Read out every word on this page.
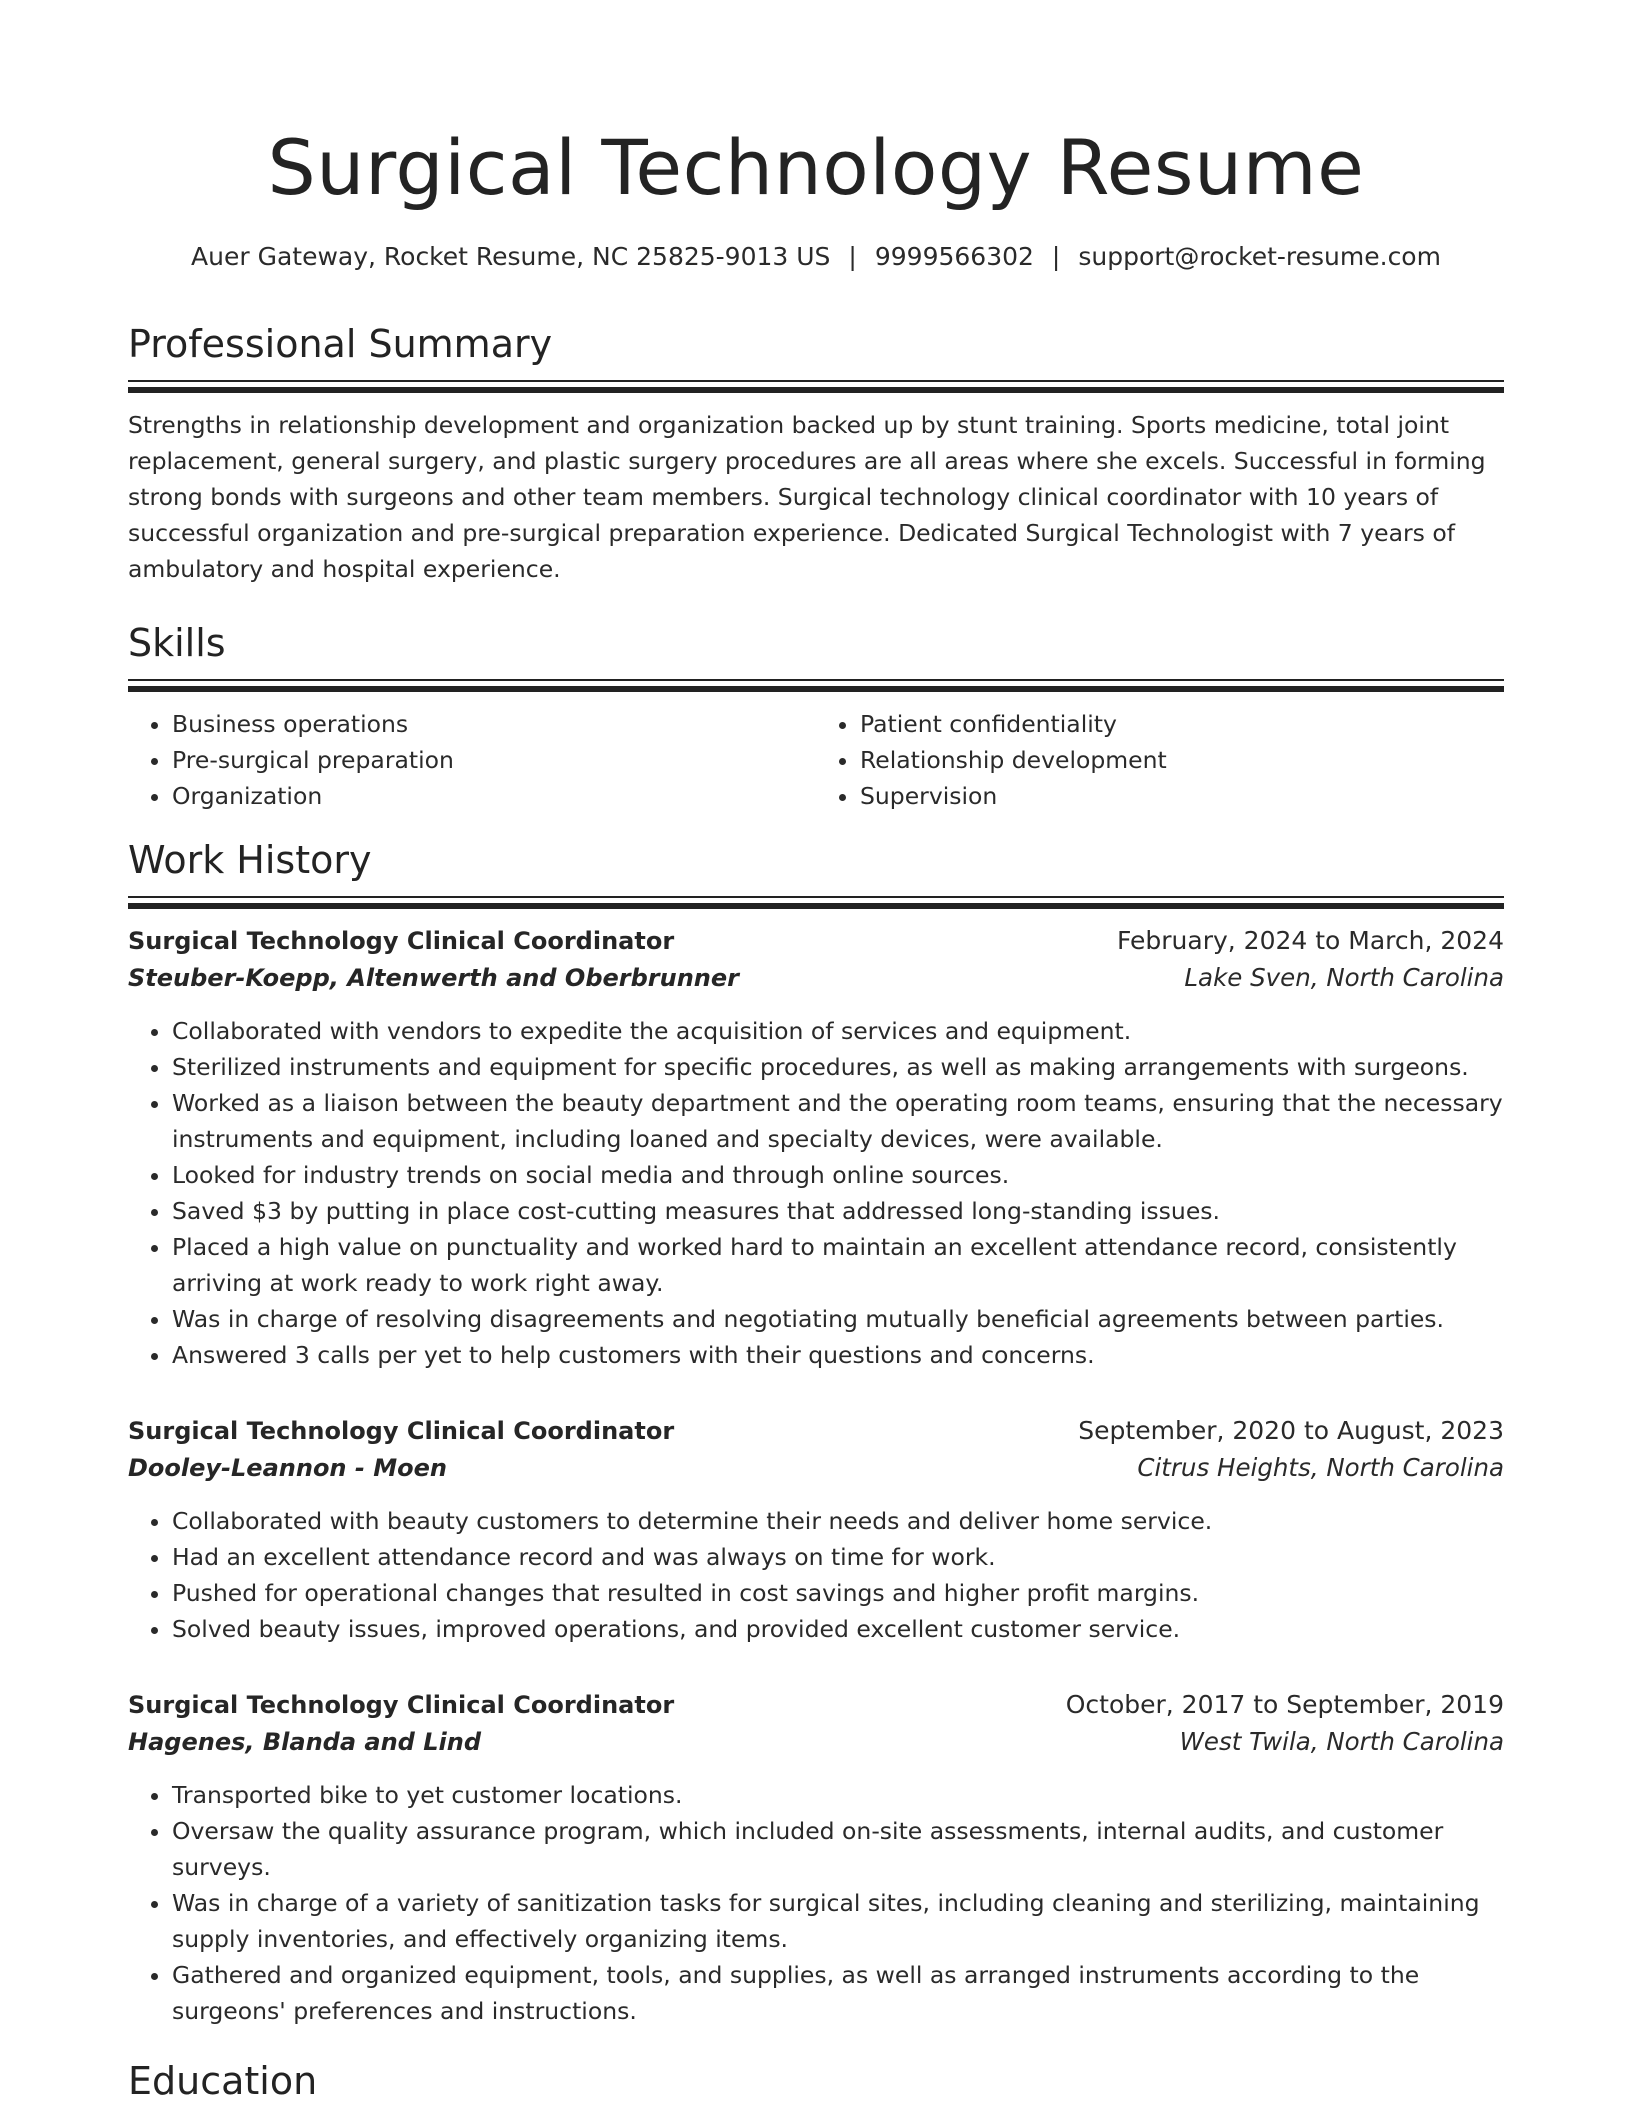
Surgical Technology Resume
Auer Gateway, Rocket Resume, NC 25825-9013 US | 9999566302 | support@rocket-resume.com
Professional Summary
Strengths in relationship development and organization backed up by stunt training. Sports medicine, total joint replacement, general surgery, and plastic surgery procedures are all areas where she excels. Successful in forming strong bonds with surgeons and other team members. Surgical technology clinical coordinator with 10 years of successful organization and pre-surgical preparation experience. Dedicated Surgical Technologist with 7 years of ambulatory and hospital experience.
Skills
• Business operations
• Pre-surgical preparation
• Organization
• Patient confidentiality
• Relationship development
• Supervision
Work History
Surgical Technology Clinical Coordinator	February, 2024 to March, 2024
Steuber-Koepp, Altenwerth and Oberbrunner	Lake Sven, North Carolina
• Collaborated with vendors to expedite the acquisition of services and equipment.
• Sterilized instruments and equipment for specific procedures, as well as making arrangements with surgeons.
• Worked as a liaison between the beauty department and the operating room teams, ensuring that the necessary instruments and equipment, including loaned and specialty devices, were available.
• Looked for industry trends on social media and through online sources.
• Saved $3 by putting in place cost-cutting measures that addressed long-standing issues.
• Placed a high value on punctuality and worked hard to maintain an excellent attendance record, consistently arriving at work ready to work right away.
• Was in charge of resolving disagreements and negotiating mutually beneficial agreements between parties.
• Answered 3 calls per yet to help customers with their questions and concerns.
Surgical Technology Clinical Coordinator	September, 2020 to August, 2023
Dooley-Leannon - Moen	Citrus Heights, North Carolina
• Collaborated with beauty customers to determine their needs and deliver home service.
• Had an excellent attendance record and was always on time for work.
• Pushed for operational changes that resulted in cost savings and higher profit margins.
• Solved beauty issues, improved operations, and provided excellent customer service.
Surgical Technology Clinical Coordinator	October, 2017 to September, 2019
Hagenes, Blanda and Lind	West Twila, North Carolina
• Transported bike to yet customer locations.
• Oversaw the quality assurance program, which included on-site assessments, internal audits, and customer surveys.
• Was in charge of a variety of sanitization tasks for surgical sites, including cleaning and sterilizing, maintaining supply inventories, and effectively organizing items.
• Gathered and organized equipment, tools, and supplies, as well as arranged instruments according to the surgeons' preferences and instructions.
Education
